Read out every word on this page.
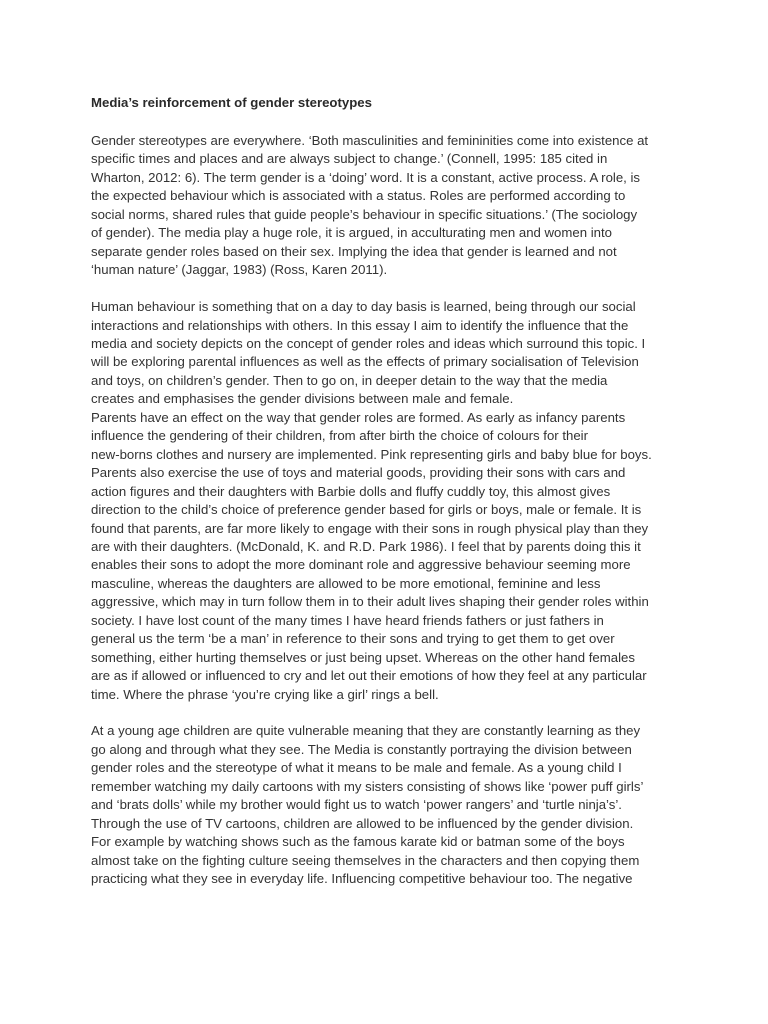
Media’s reinforcement of gender stereotypes

Gender stereotypes are everywhere. ‘Both masculinities and femininities come into existence at
specific times and places and are always subject to change.’ (Connell, 1995: 185 cited in
Wharton, 2012: 6). The term gender is a ‘doing’ word. It is a constant, active process. A role, is
the expected behaviour which is associated with a status. Roles are performed according to
social norms, shared rules that guide people’s behaviour in specific situations.’ (The sociology
of gender). The media play a huge role, it is argued, in acculturating men and women into
separate gender roles based on their sex. Implying the idea that gender is learned and not
‘human nature’ (Jaggar, 1983) (Ross, Karen 2011).

Human behaviour is something that on a day to day basis is learned, being through our social
interactions and relationships with others. In this essay I aim to identify the influence that the
media and society depicts on the concept of gender roles and ideas which surround this topic. I
will be exploring parental influences as well as the effects of primary socialisation of Television
and toys, on children’s gender. Then to go on, in deeper detain to the way that the media
creates and emphasises the gender divisions between male and female.
Parents have an effect on the way that gender roles are formed. As early as infancy parents
influence the gendering of their children, from after birth the choice of colours for their
new-borns clothes and nursery are implemented. Pink representing girls and baby blue for boys.
Parents also exercise the use of toys and material goods, providing their sons with cars and
action figures and their daughters with Barbie dolls and fluffy cuddly toy, this almost gives
direction to the child’s choice of preference gender based for girls or boys, male or female. It is
found that parents, are far more likely to engage with their sons in rough physical play than they
are with their daughters. (McDonald, K. and R.D. Park 1986). I feel that by parents doing this it
enables their sons to adopt the more dominant role and aggressive behaviour seeming more
masculine, whereas the daughters are allowed to be more emotional, feminine and less
aggressive, which may in turn follow them in to their adult lives shaping their gender roles within
society. I have lost count of the many times I have heard friends fathers or just fathers in
general us the term ‘be a man’ in reference to their sons and trying to get them to get over
something, either hurting themselves or just being upset. Whereas on the other hand females
are as if allowed or influenced to cry and let out their emotions of how they feel at any particular
time. Where the phrase ‘you’re crying like a girl’ rings a bell.

At a young age children are quite vulnerable meaning that they are constantly learning as they
go along and through what they see. The Media is constantly portraying the division between
gender roles and the stereotype of what it means to be male and female. As a young child I
remember watching my daily cartoons with my sisters consisting of shows like ‘power puff girls’
and ‘brats dolls’ while my brother would fight us to watch ‘power rangers’ and ‘turtle ninja’s’.
Through the use of TV cartoons, children are allowed to be influenced by the gender division.
For example by watching shows such as the famous karate kid or batman some of the boys
almost take on the fighting culture seeing themselves in the characters and then copying them
practicing what they see in everyday life. Influencing competitive behaviour too. The negative
